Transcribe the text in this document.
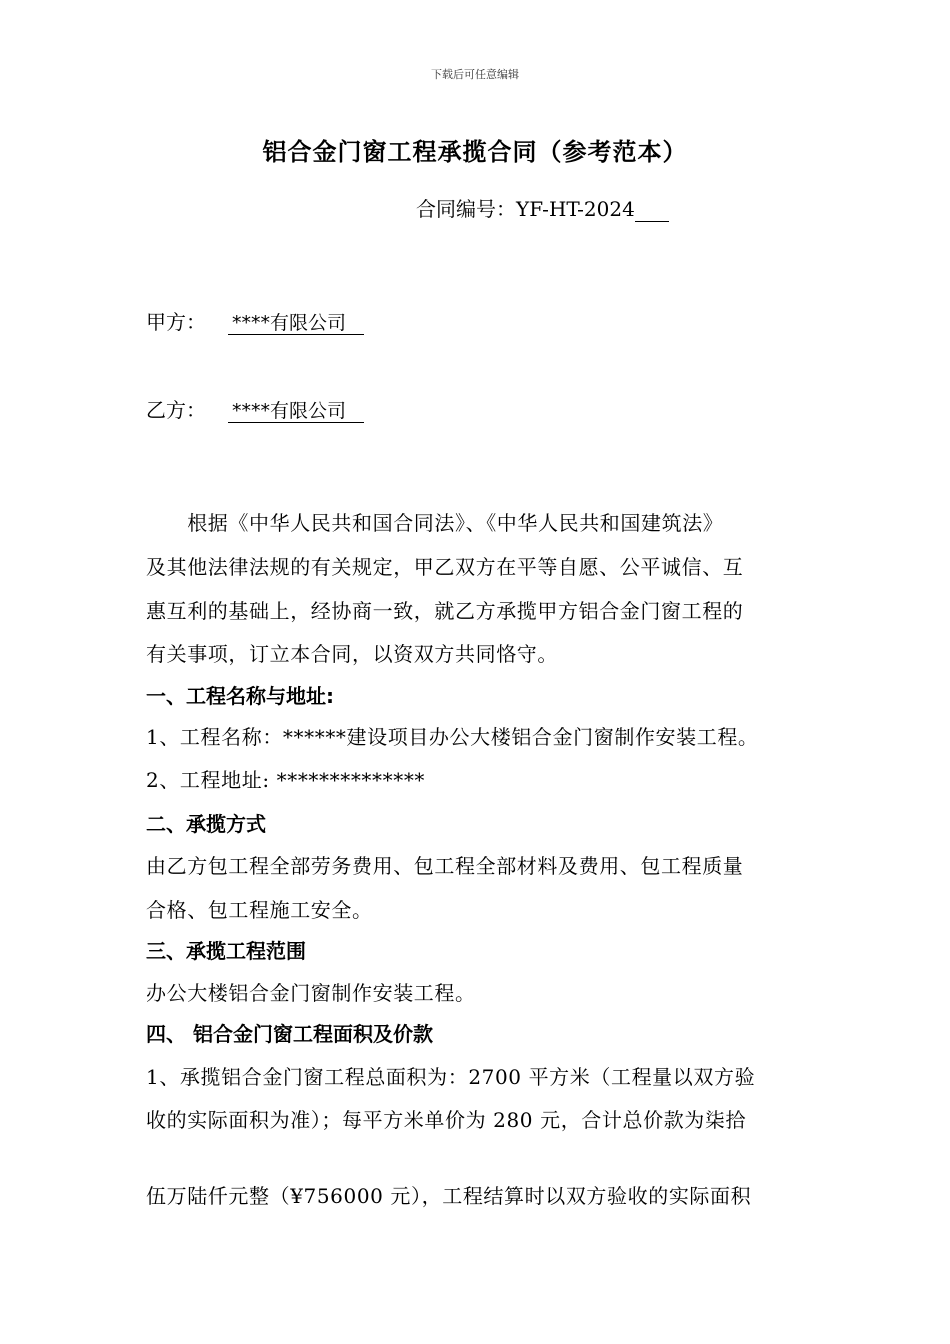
下载后可任意编辑
铝合金门窗工程承揽合同（参考范本）
合同编号：YF-HT-2024
甲方： ****有限公司
乙方： ****有限公司
　　根据《中华人民共和国合同法》、《中华人民共和国建筑法》
及其他法律法规的有关规定，甲乙双方在平等自愿、公平诚信、互
惠互利的基础上，经协商一致，就乙方承揽甲方铝合金门窗工程的
有关事项，订立本合同，以资双方共同恪守。
一、工程名称与地址:
1、工程名称：******建设项目办公大楼铝合金门窗制作安装工程。
2、工程地址: **************
二、承揽方式
由乙方包工程全部劳务费用、包工程全部材料及费用、包工程质量
合格、包工程施工安全。
三、承揽工程范围
办公大楼铝合金门窗制作安装工程。
四、 铝合金门窗工程面积及价款
1、承揽铝合金门窗工程总面积为：2700 平方米（工程量以双方验
收的实际面积为准）；每平方米单价为 280 元，合计总价款为柒拾
伍万陆仟元整（¥756000 元），工程结算时以双方验收的实际面积
